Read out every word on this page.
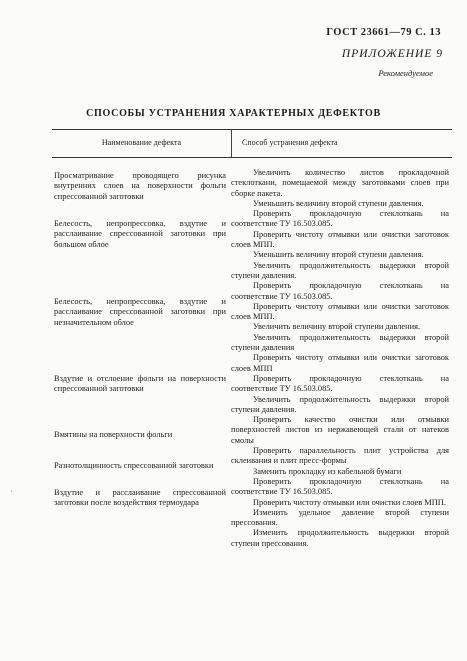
ГОСТ 23661—79 С. 13
ПРИЛОЖЕНИЕ 9
Рекомендуемое
СПОСОБЫ УСТРАНЕНИЯ ХАРАКТЕРНЫХ ДЕФЕКТОВ
Наименование дефекта	Способ устранения дефекта
Просматривание проводящего рисунка внутренних слоев на поверхности фольги спрессованной заготовки
Белесость, непропрессовка, вздутие и расслаивание спрессованной заготовки при большом облое
Белесость, непропрессовка, вздутие и расслаивание спрессованной заготовки при незначительном облое
Вздутие и отслоение фольги на поверхности спрессованной заготовки
Вмятины на поверхности фольги
Разнотолщинность спрессованной заготовки
Вздутие и расслаивание спрессованной заготовки после воздействия термоудара

Увеличить количество листов прокладочной стеклоткани, помещаемой между заготовками слоев при сборке пакета.

Уменьшить величину второй ступени давления.

Проверить прокладочную стеклоткань на соответствие ТУ 16.503.085.

Проверить чистоту отмывки или очистки заготовок слоев МПП.

Уменьшить величину второй ступени давления.

Увеличить продолжительность выдержки второй ступени давления.

Проверить прокладочную стеклоткань на соответствие ТУ 16.503.085.

Проверить чистоту отмывки или очистки заготовок слоев МПП.

Увеличить величину второй ступени давления.

Увеличить продолжительность выдержки второй ступени давления

Проверить чистоту отмывки или очистки заготовок слоев МПП

Проверить прокладочную стеклоткань на соответствие ТУ 16.503.085.

Увеличить продолжительность выдержки второй ступени давления.

Проверить качество очистки или отмывки поверхностей листов из нержавеющей стали от натеков смолы

Проверить параллельность плит устройства для склеивания и плит пресс-формы

Заменить прокладку из кабельной бумаги

Проверить прокладочную стеклоткань на соответствие ТУ 16.503.085.

Проверить чистоту отмывки или очистки слоев МПП.

Изменить удельное давление второй ступени прессования.

Изменить продолжительность выдержки второй ступени прессования.

·
